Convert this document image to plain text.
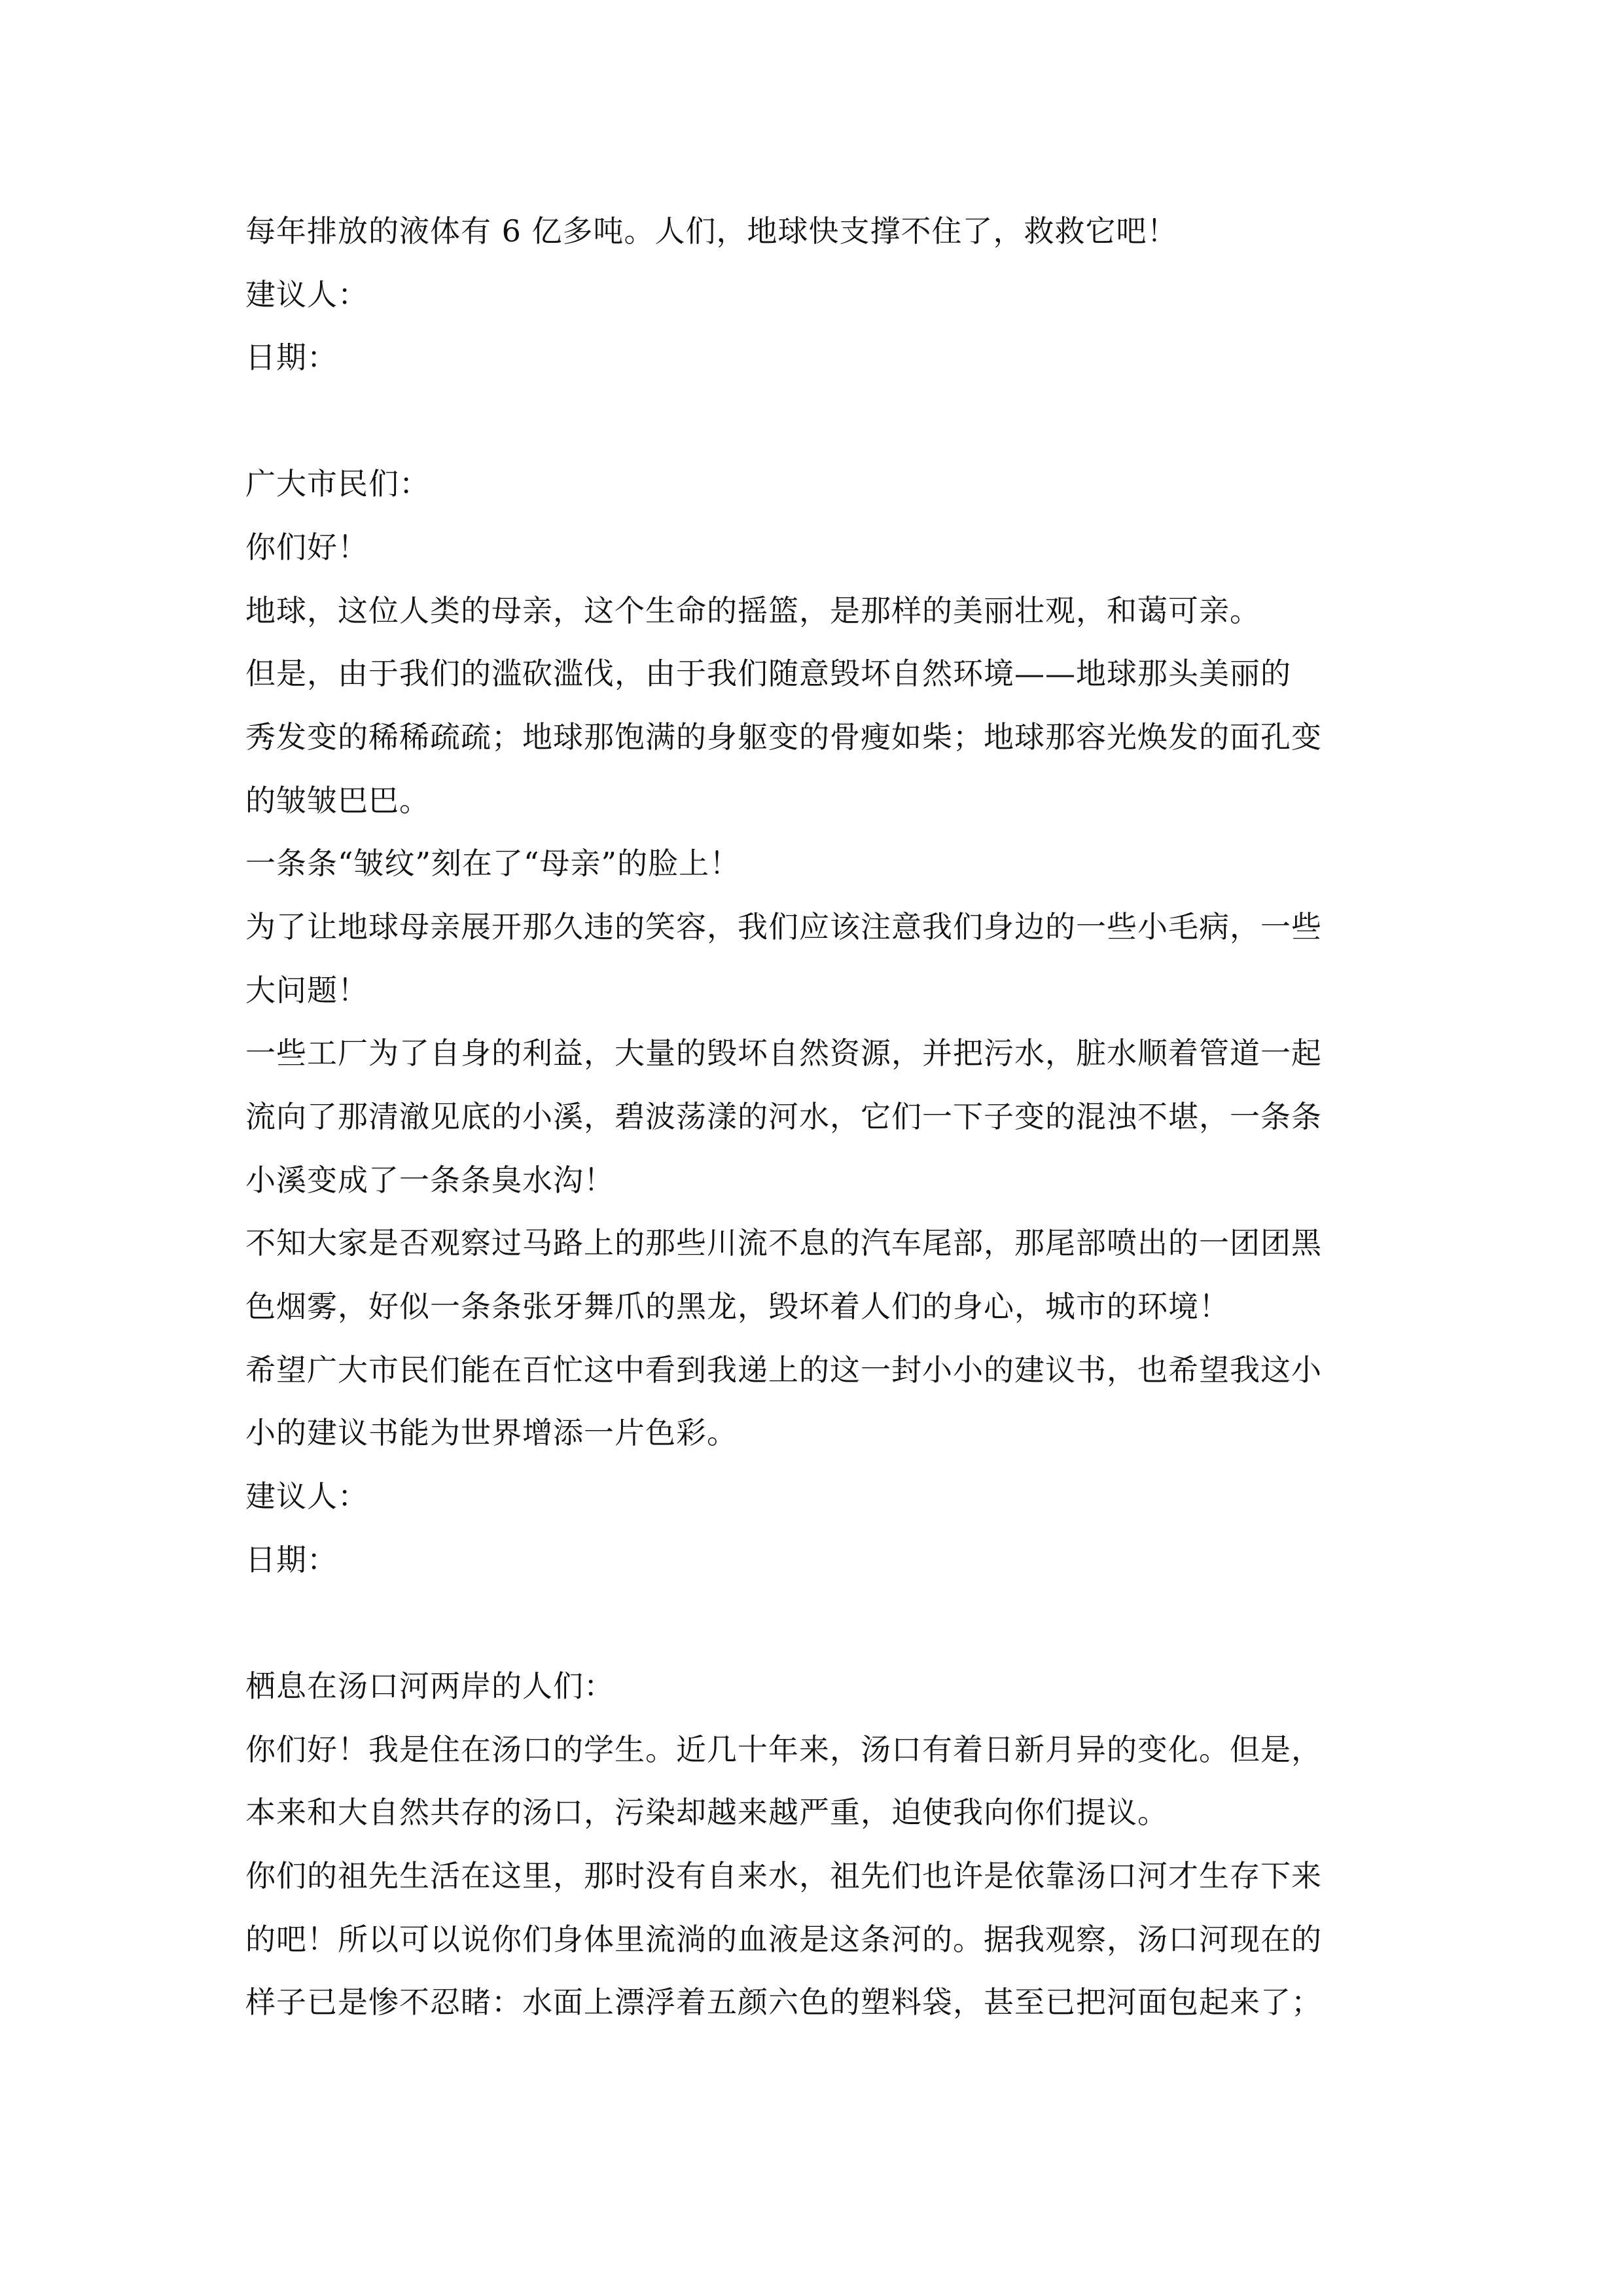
每年排放的液体有 6 亿多吨。人们，地球快支撑不住了，救救它吧！
建议人：
日期：
广大市民们：
你们好！
地球，这位人类的母亲，这个生命的摇篮，是那样的美丽壮观，和蔼可亲。
但是，由于我们的滥砍滥伐，由于我们随意毁坏自然环境——地球那头美丽的
秀发变的稀稀疏疏；地球那饱满的身躯变的骨瘦如柴；地球那容光焕发的面孔变
的皱皱巴巴。
一条条“皱纹”刻在了“母亲”的脸上！
为了让地球母亲展开那久违的笑容，我们应该注意我们身边的一些小毛病，一些
大问题！
一些工厂为了自身的利益，大量的毁坏自然资源，并把污水，脏水顺着管道一起
流向了那清澈见底的小溪，碧波荡漾的河水，它们一下子变的混浊不堪，一条条
小溪变成了一条条臭水沟！
不知大家是否观察过马路上的那些川流不息的汽车尾部，那尾部喷出的一团团黑
色烟雾，好似一条条张牙舞爪的黑龙，毁坏着人们的身心，城市的环境！
希望广大市民们能在百忙这中看到我递上的这一封小小的建议书，也希望我这小
小的建议书能为世界增添一片色彩。
建议人：
日期：
栖息在汤口河两岸的人们：
你们好！我是住在汤口的学生。近几十年来，汤口有着日新月异的变化。但是，
本来和大自然共存的汤口，污染却越来越严重，迫使我向你们提议。
你们的祖先生活在这里，那时没有自来水，祖先们也许是依靠汤口河才生存下来
的吧！所以可以说你们身体里流淌的血液是这条河的。据我观察，汤口河现在的
样子已是惨不忍睹：水面上漂浮着五颜六色的塑料袋，甚至已把河面包起来了；
